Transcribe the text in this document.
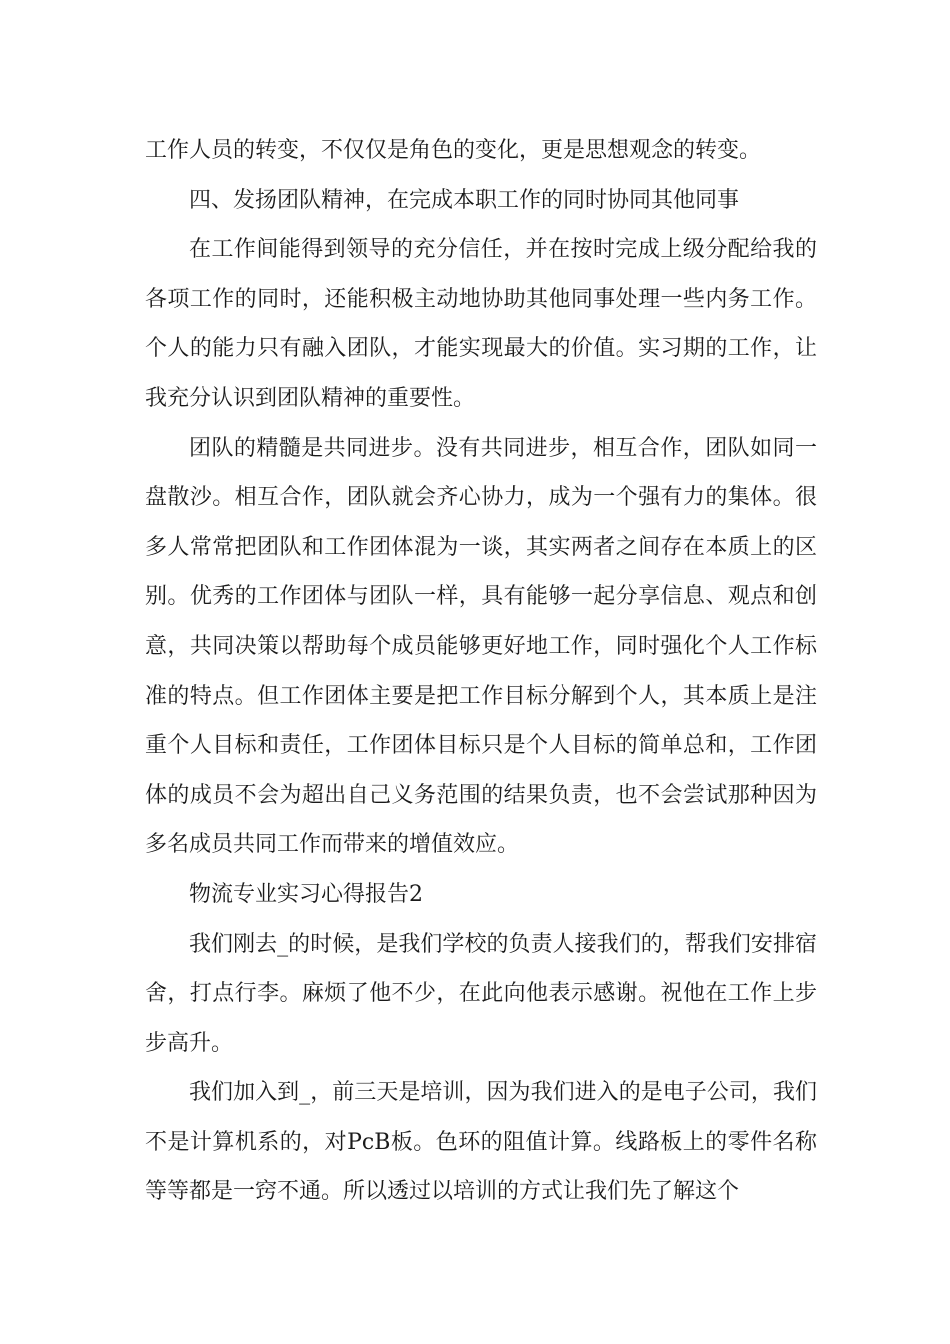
工作人员的转变，不仅仅是角色的变化，更是思想观念的转变。

四、发扬团队精神，在完成本职工作的同时协同其他同事

在工作间能得到领导的充分信任，并在按时完成上级分配给我的各项工作的同时，还能积极主动地协助其他同事处理一些内务工作。个人的能力只有融入团队，才能实现最大的价值。实习期的工作，让我充分认识到团队精神的重要性。

团队的精髓是共同进步。没有共同进步，相互合作，团队如同一盘散沙。相互合作，团队就会齐心协力，成为一个强有力的集体。很多人常常把团队和工作团体混为一谈，其实两者之间存在本质上的区别。优秀的工作团体与团队一样，具有能够一起分享信息、观点和创意，共同决策以帮助每个成员能够更好地工作，同时强化个人工作标准的特点。但工作团体主要是把工作目标分解到个人，其本质上是注重个人目标和责任，工作团体目标只是个人目标的简单总和，工作团体的成员不会为超出自己义务范围的结果负责，也不会尝试那种因为多名成员共同工作而带来的增值效应。

物流专业实习心得报告2

我们刚去_的时候，是我们学校的负责人接我们的，帮我们安排宿舍，打点行李。麻烦了他不少，在此向他表示感谢。祝他在工作上步步高升。

我们加入到_，前三天是培训，因为我们进入的是电子公司，我们不是计算机系的，对PcB板。色环的阻值计算。线路板上的零件名称等等都是一窍不通。所以透过以培训的方式让我们先了解这个
